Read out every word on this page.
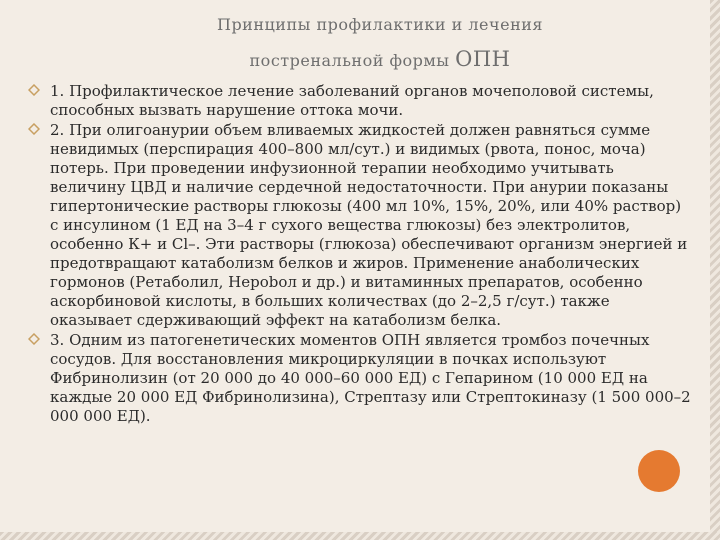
Принципы профилактики и лечения
постренальной формы ОПН
1. Профилактическое лечение заболеваний органов мочеполовой системы, способных вызвать нарушение оттока мочи.
2. При олигоанурии объем вливаемых жидкостей должен равняться сумме невидимых (перспирация 400–800 мл/сут.) и видимых (рвота, понос, моча) потерь. При проведении инфузионной терапии необходимо учитывать величину ЦВД и наличие сердечной недостаточности. При анурии показаны гипертонические растворы глюкозы (400 мл 10%, 15%, 20%, или 40% раствор) с инсулином (1 ЕД на 3–4 г сухого вещества глюкозы) без электролитов, особенно К+ и Cl–. Эти растворы (глюкоза) обеспечивают организм энергией и предотвращают катаболизм белков и жиров. Применение анаболических гормонов (Ретаболил, Нерobол и др.) и витаминных препаратов, особенно аскорбиновой кислоты, в больших количествах (до 2–2,5 г/сут.) также оказывает сдерживающий эффект на катаболизм белка.
3. Одним из патогенетических моментов ОПН является тромбоз почечных сосудов. Для восстановления микроциркуляции в почках используют Фибринолизин (от 20 000 до 40 000–60 000 ЕД) с Гепарином (10 000 ЕД на каждые 20 000 ЕД Фибринолизина), Стрептазу или Стрептокиназу (1 500 000–2 000 000 ЕД).
